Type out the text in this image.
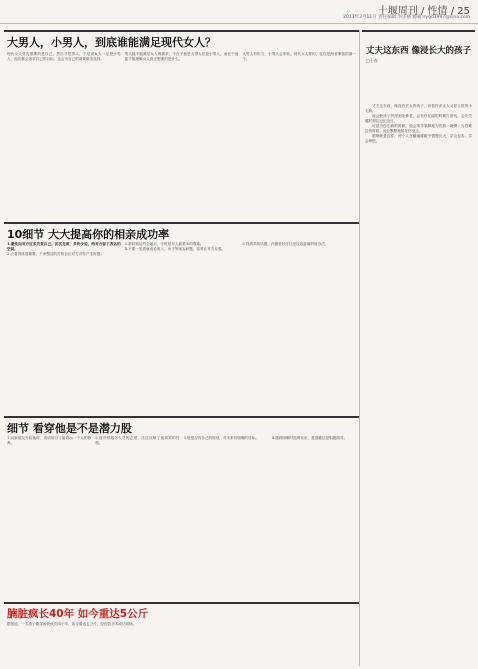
十堰周刊 / 性情 / 25
2011年3月11日 责任编辑:李泽丽 邮箱:sygd1997@sina.com
大男人，小男人，到底谁能满足现代女人？

现代女人首先需要的是自己。然后才是男人。不是说女人一定是小男人，他们都会追求自己的目标，也会为自己的需要做出选择。

男人能不能满足女人的需求，不在于他是大男人还是小男人，而在于他能不能理解女人真正想要的是什么。

大男人有担当，小男人会体贴。现代女人要的，往往是两者兼备的那一个。

10细节 大大提高你的相亲成功率

1.避免向对方过多究竟自己。初次见面，多听少说，给对方留下表达的空间。

2.衣着得体很重要。干净整洁的打扮会让对方对你产生好感。

3.准时到达约会地点，守时是对人最基本的尊重。

4.不要一见面就谈论收入、房子等现实问题，容易让对方反感。

5.找到共同话题，兴趣爱好往往是拉近距离的好办法。

细节 看穿他是不是潜力股

1.向新朋友介绍他时，说话的分寸能看出一个人的修养。

2.他对待服务人员的态度，往往反映了他真实的性格。

3.他是否有自己的规划，对未来有明确的目标。	4.遇到困难时他的反应，是逃避还是积极面对。

腩脏疯长40年 如今重达5公斤

据报道，一名男子腹部肿块疯长四十年，如今重达五公斤，经医院手术成功切除。

丈夫这东西 像浸长大的孩子
□王春

丈夫这东西，像没有长大的孩子，有着许多让人又爱又恨的小毛病。

他会把袜子扔得到处都是，会在你忙碌的时候打游戏，会在关键时刻忘记纪念日。

可是当你生病的时候，他会笨手笨脚地为你熬一碗粥；当你难过的时候，他会默默地陪在你身边。

婚姻就是这样，两个人在磕磕碰碰中慢慢长大，学会包容，学会珍惜。
